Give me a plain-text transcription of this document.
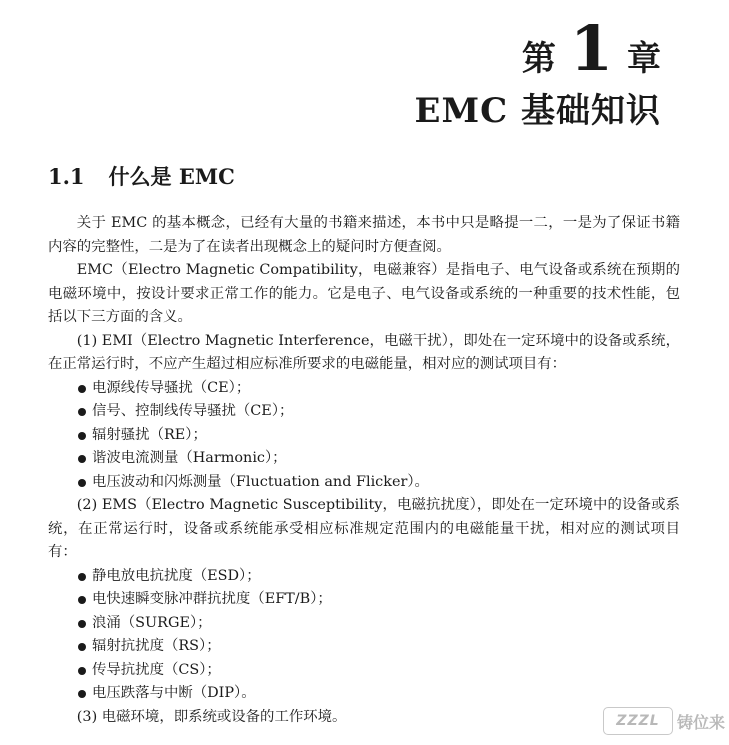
第 1 章
EMC 基础知识
1.1 什么是 EMC

关于 EMC 的基本概念，已经有大量的书籍来描述，本书中只是略提一二，一是为了保证书籍内容的完整性，二是为了在读者出现概念上的疑问时方便查阅。

EMC（Electro Magnetic Compatibility，电磁兼容）是指电子、电气设备或系统在预期的电磁环境中，按设计要求正常工作的能力。它是电子、电气设备或系统的一种重要的技术性能，包括以下三方面的含义。

(1) EMI（Electro Magnetic Interference，电磁干扰），即处在一定环境中的设备或系统，在正常运行时，不应产生超过相应标准所要求的电磁能量，相对应的测试项目有：

电源线传导骚扰（CE）；
信号、控制线传导骚扰（CE）；
辐射骚扰（RE）；
谐波电流测量（Harmonic）；
电压波动和闪烁测量（Fluctuation and Flicker）。

(2) EMS（Electro Magnetic Susceptibility，电磁抗扰度），即处在一定环境中的设备或系统，在正常运行时，设备或系统能承受相应标准规定范围内的电磁能量干扰，相对应的测试项目有：

静电放电抗扰度（ESD）；
电快速瞬变脉冲群抗扰度（EFT/B）；
浪涌（SURGE）；
辐射抗扰度（RS）；
传导抗扰度（CS）；
电压跌落与中断（DIP）。

(3) 电磁环境，即系统或设备的工作环境。	ZZZL	铸位来
